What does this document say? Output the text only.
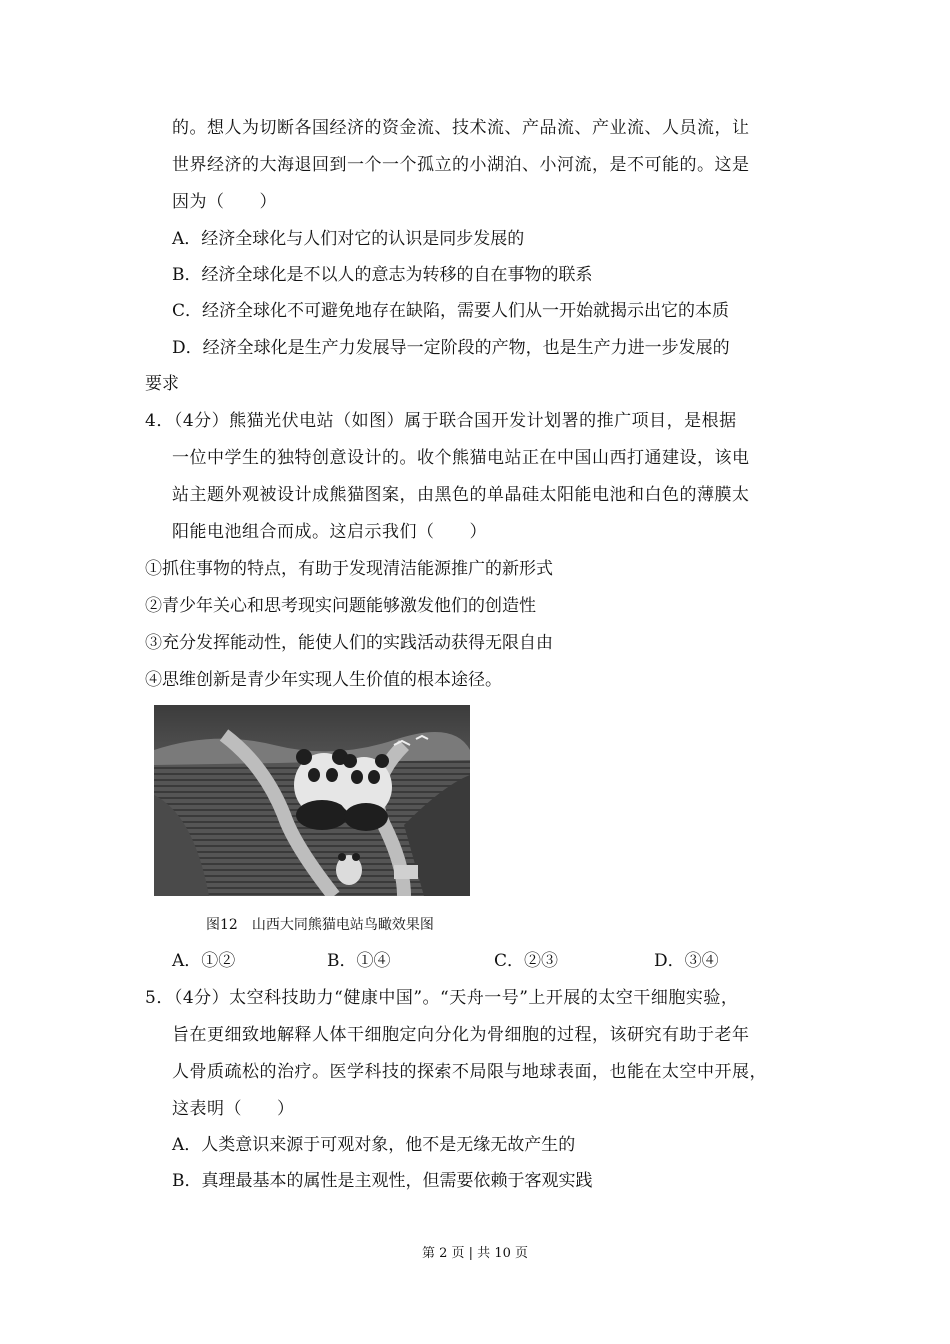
的。想人为切断各国经济的资金流、技术流、产品流、产业流、人员流，让
世界经济的大海退回到一个一个孤立的小湖泊、小河流，是不可能的。这是
因为（　　）
A．经济全球化与人们对它的认识是同步发展的
B．经济全球化是不以人的意志为转移的自在事物的联系
C．经济全球化不可避免地存在缺陷，需要人们从一开始就揭示出它的本质
D．经济全球化是生产力发展导一定阶段的产物，也是生产力进一步发展的
要求
4．（4分）熊猫光伏电站（如图）属于联合国开发计划署的推广项目，是根据
一位中学生的独特创意设计的。收个熊猫电站正在中国山西打通建设，该电
站主题外观被设计成熊猫图案，由黑色的单晶硅太阳能电池和白色的薄膜太
阳能电池组合而成。这启示我们（　　）
①抓住事物的特点，有助于发现清洁能源推广的新形式
②青少年关心和思考现实问题能够激发他们的创造性
③充分发挥能动性，能使人们的实践活动获得无限自由
④思维创新是青少年实现人生价值的根本途径。
图12　山西大同熊猫电站鸟瞰效果图
A．①②	B．①④	C．②③	D．③④
5．（4分）太空科技助力“健康中国”。“天舟一号”上开展的太空干细胞实验，
旨在更细致地解释人体干细胞定向分化为骨细胞的过程，该研究有助于老年
人骨质疏松的治疗。医学科技的探索不局限与地球表面，也能在太空中开展，
这表明（　　）
A．人类意识来源于可观对象，他不是无缘无故产生的
B．真理最基本的属性是主观性，但需要依赖于客观实践
第 2 页 | 共 10 页
